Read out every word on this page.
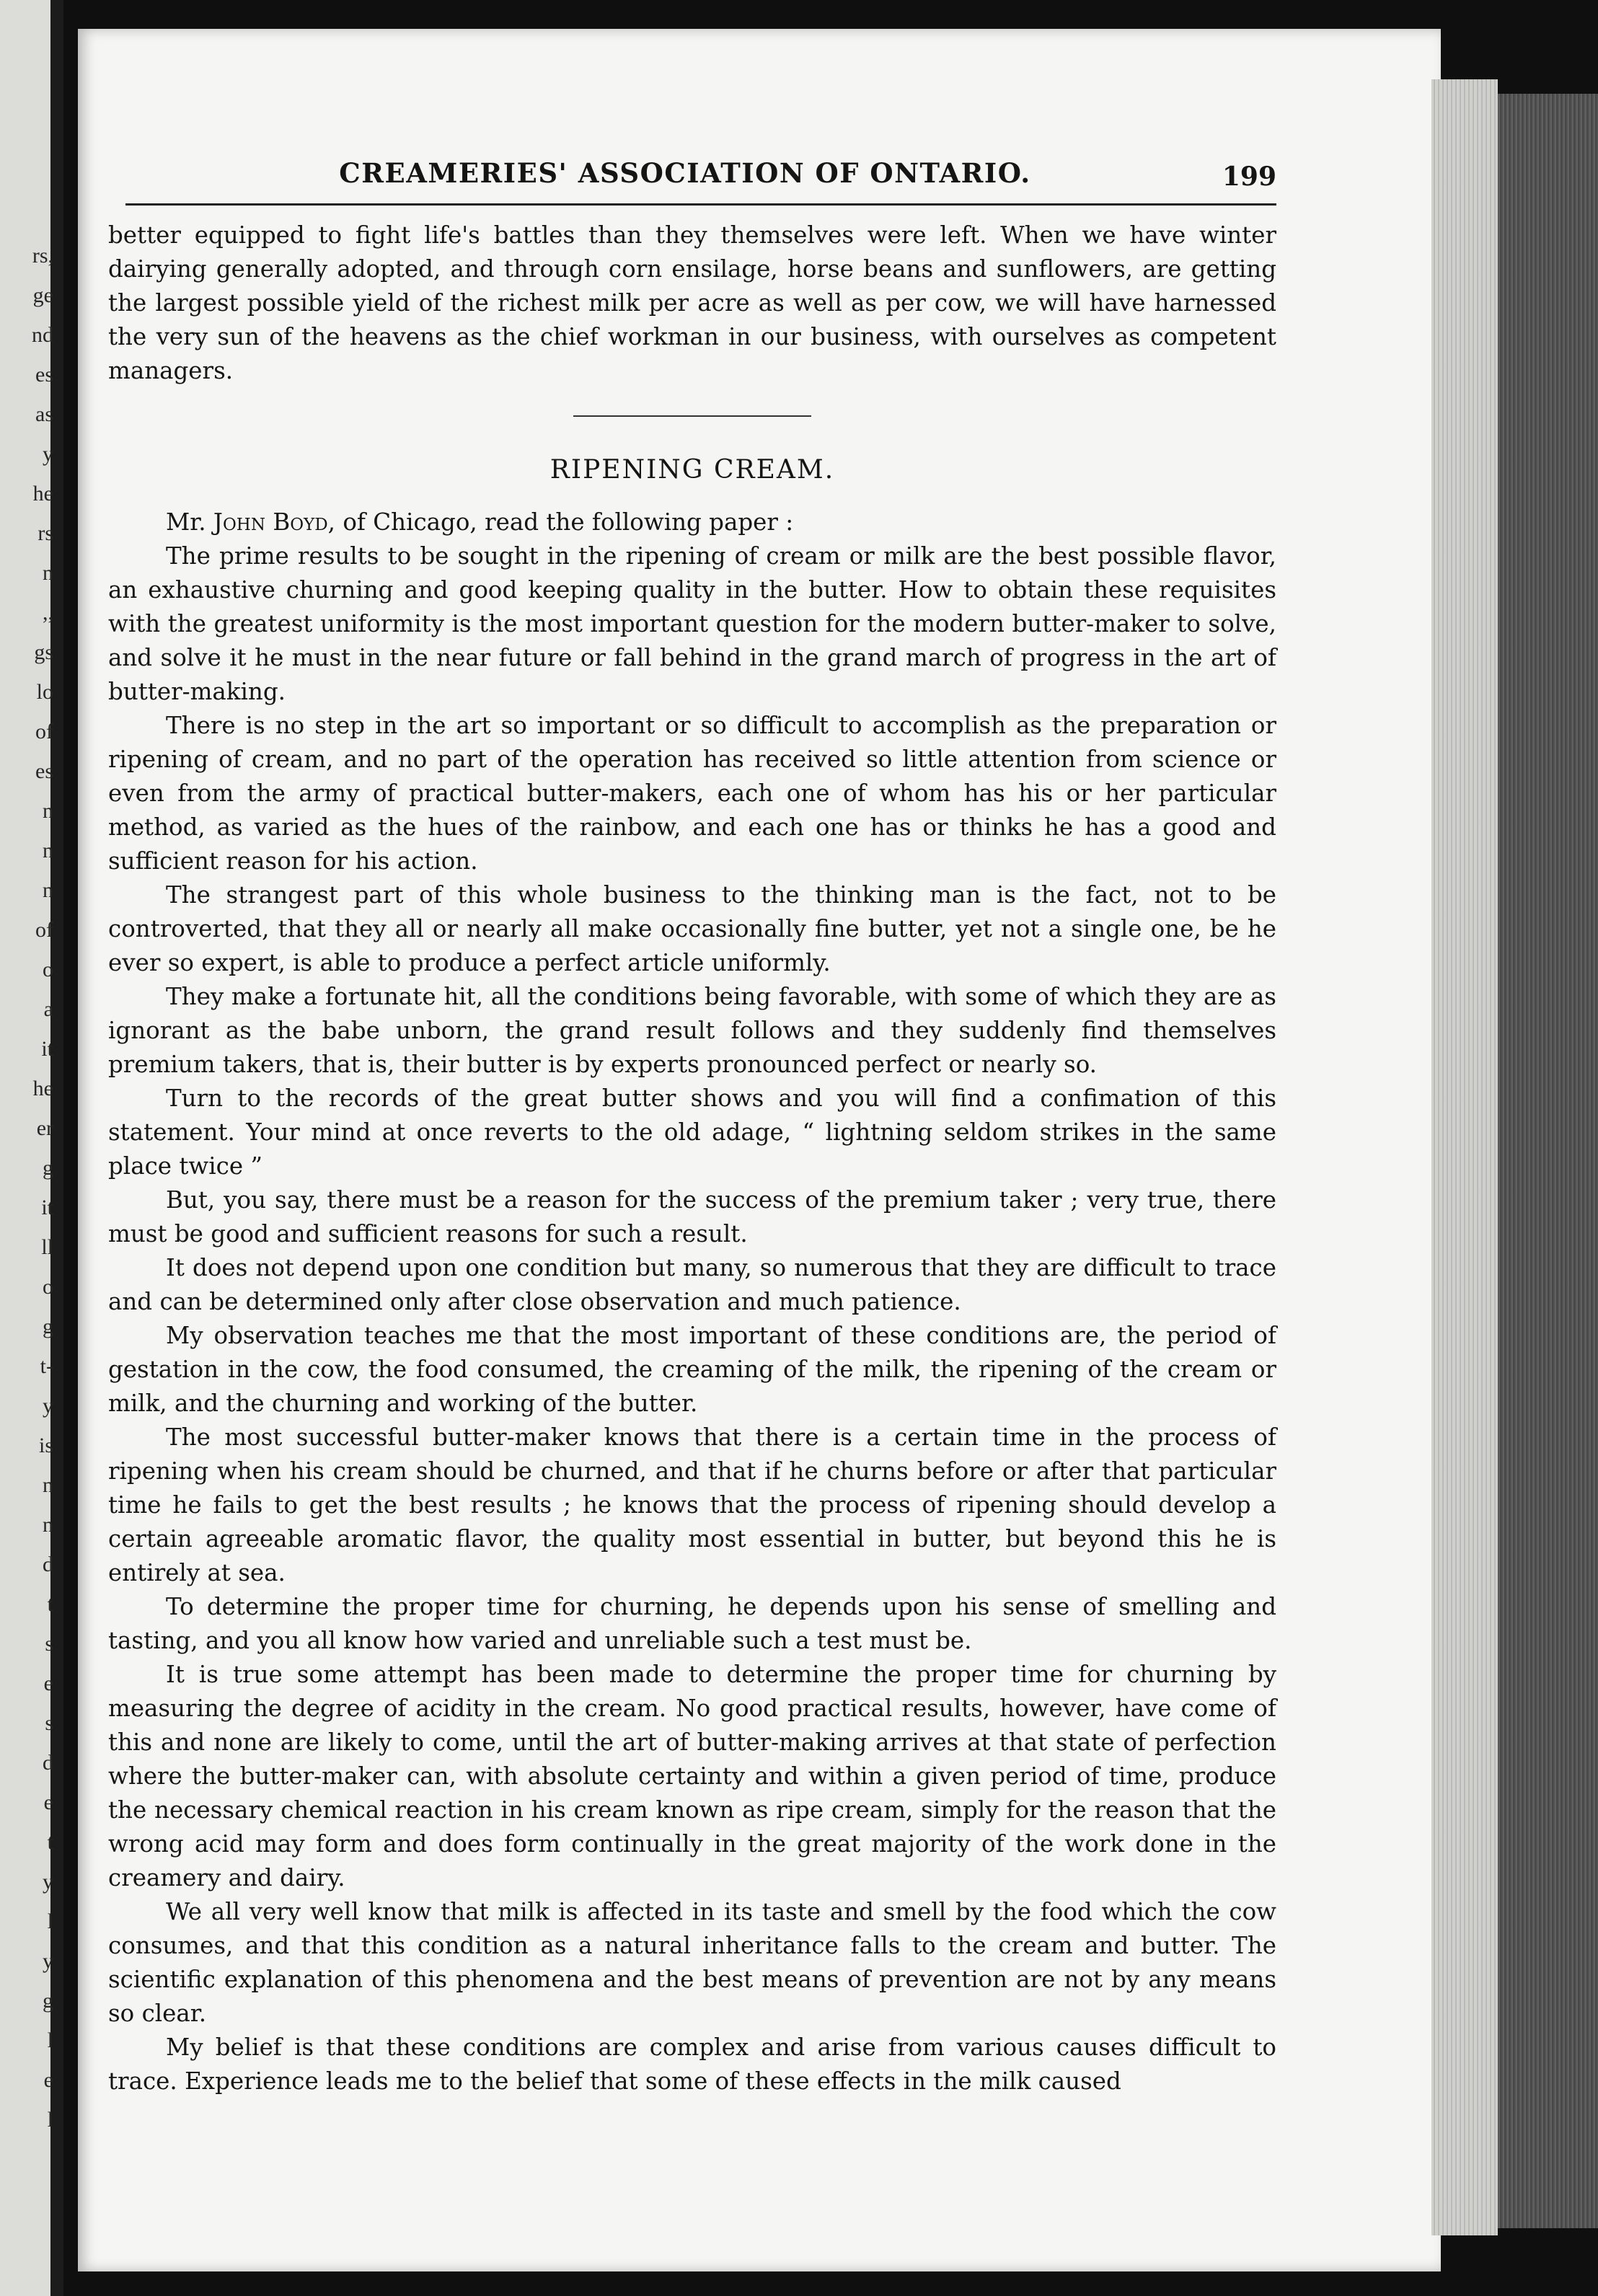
rs,
ge
nd
es
as
y
he
rs
n
,,
gs
lo
of
es
n
n
n
of
o
a
it
he
er
g
it
ll
o
g
t-
y
is
n
n
d
t
s
e
s
d
e
t
y
l
y
g
l
e
l
CREAMERIES' ASSOCIATION OF ONTARIO.	199

better equipped to fight life's battles than they themselves were left. When we have winter dairying generally adopted, and through corn ensilage, horse beans and sunflowers, are getting the largest possible yield of the richest milk per acre as well as per cow, we will have harnessed the very sun of the heavens as the chief workman in our business, with ourselves as competent managers.

RIPENING CREAM.

Mr. John Boyd, of Chicago, read the following paper :

The prime results to be sought in the ripening of cream or milk are the best possible flavor, an exhaustive churning and good keeping quality in the butter. How to obtain these requisites with the greatest uniformity is the most important question for the modern butter-maker to solve, and solve it he must in the near future or fall behind in the grand march of progress in the art of butter-making.

There is no step in the art so important or so difficult to accomplish as the preparation or ripening of cream, and no part of the operation has received so little attention from science or even from the army of practical butter-makers, each one of whom has his or her particular method, as varied as the hues of the rainbow, and each one has or thinks he has a good and sufficient reason for his action.

The strangest part of this whole business to the thinking man is the fact, not to be controverted, that they all or nearly all make occasionally fine butter, yet not a single one, be he ever so expert, is able to produce a perfect article uniformly.

They make a fortunate hit, all the conditions being favorable, with some of which they are as ignorant as the babe unborn, the grand result follows and they suddenly find themselves premium takers, that is, their butter is by experts pronounced perfect or nearly so.

Turn to the records of the great butter shows and you will find a confimation of this statement. Your mind at once reverts to the old adage, “ lightning seldom strikes in the same place twice ”

But, you say, there must be a reason for the success of the premium taker ; very true, there must be good and sufficient reasons for such a result.

It does not depend upon one condition but many, so numerous that they are difficult to trace and can be determined only after close observation and much patience.

My observation teaches me that the most important of these conditions are, the period of gestation in the cow, the food consumed, the creaming of the milk, the ripening of the cream or milk, and the churning and working of the butter.

The most successful butter-maker knows that there is a certain time in the process of ripening when his cream should be churned, and that if he churns before or after that particular time he fails to get the best results ; he knows that the process of ripening should develop a certain agreeable aromatic flavor, the quality most essential in butter, but beyond this he is entirely at sea.

To determine the proper time for churning, he depends upon his sense of smelling and tasting, and you all know how varied and unreliable such a test must be.

It is true some attempt has been made to determine the proper time for churning by measuring the degree of acidity in the cream. No good practical results, however, have come of this and none are likely to come, until the art of butter-making arrives at that state of perfection where the butter-maker can, with absolute certainty and within a given period of time, produce the necessary chemical reaction in his cream known as ripe cream, simply for the reason that the wrong acid may form and does form continually in the great majority of the work done in the creamery and dairy.

We all very well know that milk is affected in its taste and smell by the food which the cow consumes, and that this condition as a natural inheritance falls to the cream and butter. The scientific explanation of this phenomena and the best means of prevention are not by any means so clear.

My belief is that these conditions are complex and arise from various causes difficult to trace. Experience leads me to the belief that some of these effects in the milk caused
